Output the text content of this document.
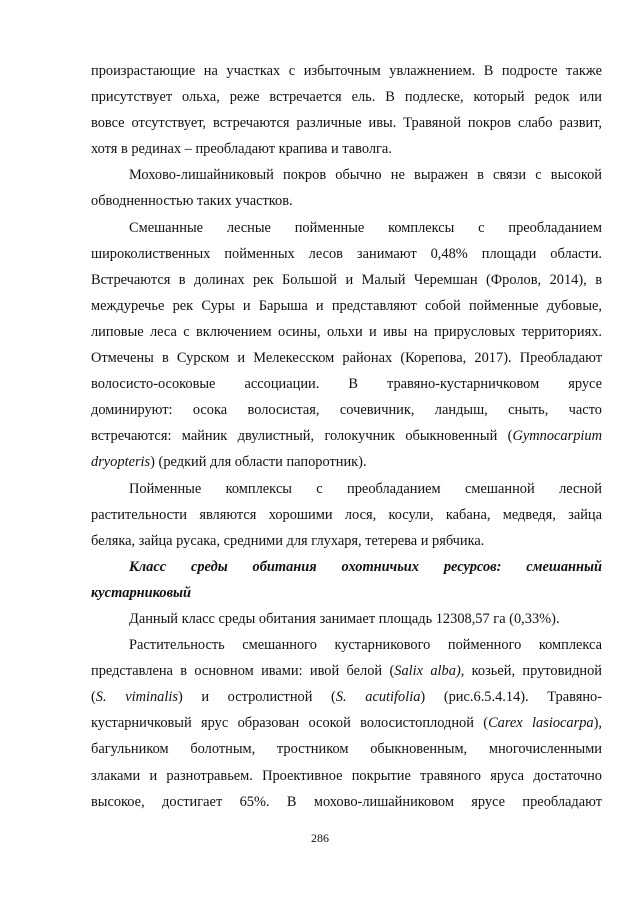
произрастающие на участках с избыточным увлажнением. В подросте также
присутствует ольха, реже встречается ель. В подлеске, который редок или
вовсе отсутствует, встречаются различные ивы. Травяной покров слабо развит,
хотя в рединах – преобладают крапива и таволга.
Мохово-лишайниковый покров обычно не выражен в связи с высокой
обводненностью таких участков.
Смешанные лесные пойменные комплексы с преобладанием
широколиственных пойменных лесов занимают 0,48% площади области.
Встречаются в долинах рек Большой и Малый Черемшан (Фролов, 2014), в
междуречье рек Суры и Барыша и представляют собой пойменные дубовые,
липовые леса с включением осины, ольхи и ивы на прирусловых территориях.
Отмечены в Сурском и Мелекесском районах (Корепова, 2017). Преобладают
волосисто-осоковые ассоциации. В травяно-кустарничковом ярусе
доминируют: осока волосистая, сочевичник, ландыш, сныть, часто
встречаются: майник двулистный, голокучник обыкновенный (Gymnocarpium
dryopteris) (редкий для области папоротник).
Пойменные комплексы с преобладанием смешанной лесной
растительности являются хорошими лося, косули, кабана, медведя, зайца
беляка, зайца русака, средними для глухаря, тетерева и рябчика.
Класс среды обитания охотничьих ресурсов: смешанный
кустарниковый
Данный класс среды обитания занимает площадь 12308,57 га (0,33%).
Растительность смешанного кустарникового пойменного комплекса
представлена в основном ивами: ивой белой (Salix alba), козьей, прутовидной
(S. viminalis) и остролистной (S. acutifolia) (рис.6.5.4.14). Травяно-
кустарничковый ярус образован осокой волосистоплодной (Carex lasiocarpa),
багульником болотным, тростником обыкновенным, многочисленными
злаками и разнотравьем. Проективное покрытие травяного яруса достаточно
высокое, достигает 65%. В мохово-лишайниковом ярусе преобладают
286
